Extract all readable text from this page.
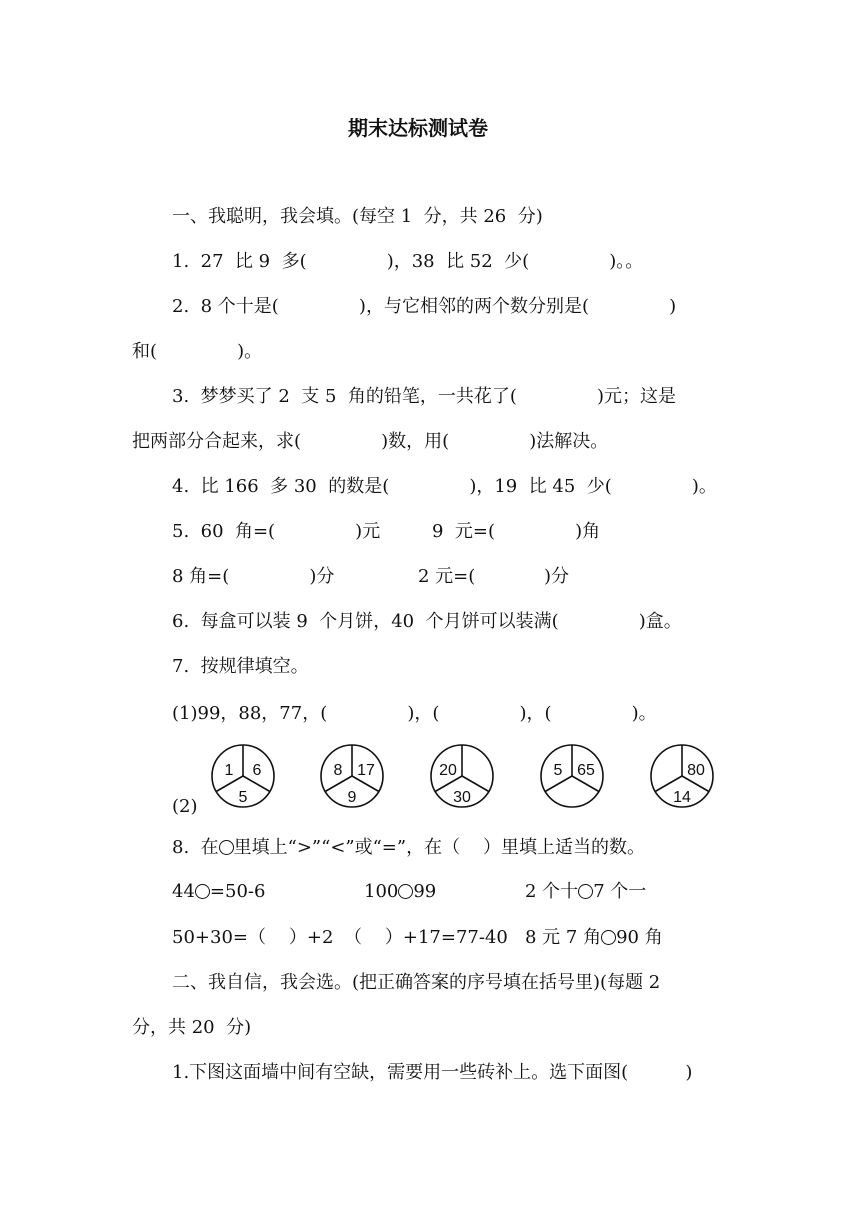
期末达标测试卷
一、我聪明，我会填。(每空 1  分，共 26  分)
1.  27  比 9  多(              )，38  比 52  少(              )。。
2.  8 个十是(              )，与它相邻的两个数分别是(              )
和(              )。
3.  梦梦买了 2  支 5  角的铅笔，一共花了(              )元；这是
把两部分合起来，求(              )数，用(              )法解决。
4.  比 166  多 30  的数是(              )，19  比 45  少(              )。
5.  60  角=(              )元	9  元=(              )角
8 角=(              )分	2 元=(            )分
6.  每盒可以装 9  个月饼，40  个月饼可以装满(              )盒。
7.  按规律填空。
(1)99，88，77，(              )，(              )，(              )。
(2)
1 6
5
8 17
9
20
30
5 65	80
14
8.  在 里填上“>”“<”或“=”，在（    ）里填上适当的数。
44 =50-6	100 99	2 个十 7 个一
50+30=（    ）+2 （    ）+17=77-40 8 元 7 角 90 角
二、我自信，我会选。(把正确答案的序号填在括号里)(每题 2
分，共 20  分)
1.下图这面墙中间有空缺，需要用一些砖补上。选下面图(          )
